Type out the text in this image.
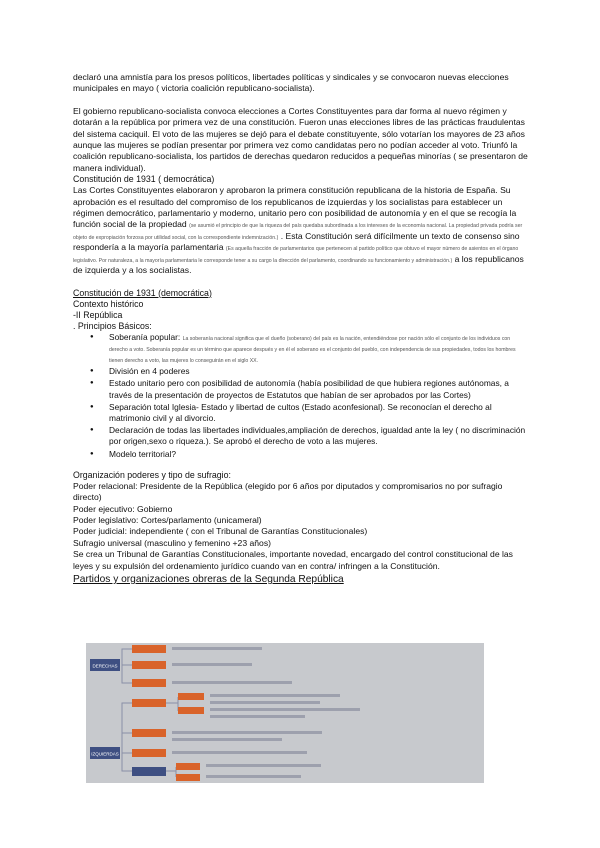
declaró una amnistía para los presos políticos, libertades políticas y sindicales y se convocaron nuevas elecciones municipales en mayo ( victoria coalición republicano-socialista).

El gobierno republicano-socialista convoca elecciones a Cortes Constituyentes para dar forma al nuevo régimen y dotarán a la república por primera vez de una constitución. Fueron unas elecciones libres de las prácticas fraudulentas del sistema caciquil. El voto de las mujeres se dejó para el debate constituyente, sólo votarían los mayores de 23 años aunque las mujeres se podían presentar por primera vez como candidatas pero no podían acceder al voto. Triunfó la coalición republicano-socialista, los partidos de derechas quedaron reducidos a pequeñas minorías ( se presentaron de manera individual).

Constitución de 1931 ( democrática)

Las Cortes Constituyentes elaboraron y aprobaron la primera constitución republicana de la historia de España. Su aprobación es el resultado del compromiso de los republicanos de izquierdas y los socialistas para establecer un régimen democrático, parlamentario y moderno, unitario pero con posibilidad de autonomía y en el que se recogía la función social de la propiedad (se asumió el principio de que la riqueza del país quedaba subordinada a los intereses de la economía nacional. La propiedad privada podría ser objeto de expropiación forzosa por utilidad social, con la correspondiente indemnización.) . Esta Constitución será difícilmente un texto de consenso sino respondería a la mayoría parlamentaria (Es aquella fracción de parlamentarios que pertenecen al partido político que obtuvo el mayor número de asientos en el órgano legislativo. Por naturaleza, a la mayoría parlamentaria le corresponde tener a su cargo la dirección del parlamento, coordinando su funcionamiento y administración.) a los republicanos de izquierda y a los socialistas.

Constitución de 1931 (democrática)

Contexto histórico

-II República

. Principios Básicos:

● Soberanía popular: La soberanía nacional significa que el dueño (soberano) del país es la nación, entendiéndose por nación sólo el conjunto de los individuos con derecho a voto. Soberanía popular es un término que aparece después y en él el soberano es el conjunto del pueblo, con independencia de sus propiedades, todos los hombres tienen derecho a voto, las mujeres lo conseguirán en el siglo XX.
● División en 4 poderes
● Estado unitario pero con posibilidad de autonomía (había posibilidad de que hubiera regiones autónomas, a través de la presentación de proyectos de Estatutos que habían de ser aprobados por las Cortes)
● Separación total Iglesia- Estado y libertad de cultos (Estado aconfesional). Se reconocían el derecho al matrimonio civil y al divorcio.
● Declaración de todas las libertades individuales,ampliación de derechos, igualdad ante la ley ( no discriminación por origen,sexo o riqueza.). Se aprobó el derecho de voto a las mujeres.
● Modelo territorial?

Organización poderes y tipo de sufragio:

Poder relacional: Presidente de la República (elegido por 6 años por diputados y compromisarios no por sufragio directo)

Poder ejecutivo: Gobierno

Poder legislativo: Cortes/parlamento (unicameral)

Poder judicial: independiente ( con el Tribunal de Garantías Constitucionales)

Sufragio universal (masculino y femenino +23 años)

Se crea un Tribunal de Garantías Constitucionales, importante novedad, encargado del control constitucional de las leyes y su expulsión del ordenamiento jurídico cuando van en contra/ infringen a la Constitución.

Partidos y organizaciones obreras de la Segunda República

DERECHAS
IZQUIERDAS
